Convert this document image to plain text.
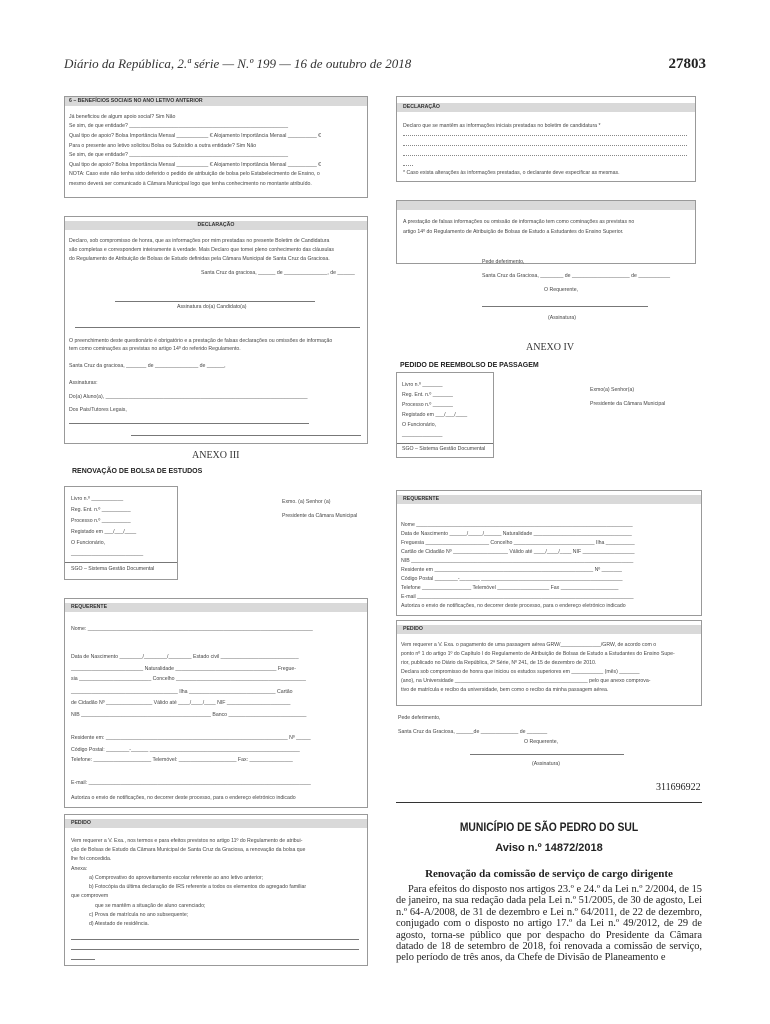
Diário da República, 2.ª série — N.º 199 — 16 de outubro de 2018	27803
6 – BENEFÍCIOS SOCIAIS NO ANO LETIVO ANTERIOR
Já beneficiou de algum apoio social? Sim Não
Se sim, de que entidade? _______________________________________________________
Qual tipo de apoio? Bolsa Importância Mensal ___________ € Alojamento Importância Mensal __________ €
Para o presente ano letivo solicitou Bolsa ou Subsídio a outra entidade? Sim Não
Se sim, de que entidade? _______________________________________________________
Qual tipo de apoio? Bolsa Importância Mensal ___________ € Alojamento Importância Mensal __________ €
NOTA: Caso este não tenha sido deferido o pedido de atribuição de bolsa pelo Estabelecimento de Ensino, o
mesmo deverá ser comunicado à Câmara Municipal logo que tenha conhecimento no montante atribuído.
DECLARAÇÃO
Declaro, sob compromisso de honra, que as informações por mim prestadas no presente Boletim de Candidatura
são completas e correspondem inteiramente à verdade. Mais Declaro que tomei pleno conhecimento das cláusulas
do Regulamento de Atribuição de Bolsas de Estudo definidas pela Câmara Municipal de Santa Cruz da Graciosa.
Santa Cruz da graciosa, ______ de _______________, de ______
Assinatura do(a) Candidato(a)
O preenchimento deste questionário é obrigatório e a prestação de falsas declarações ou omissões de informação
tem como cominações as previstas no artigo 14º do referido Regulamento.
Santa Cruz da graciosa, _______ de _______________ de ______,
Assinaturas:
Do(a) Aluno(a), ______________________________________________________________________
Dos Pais/Tutores Legais,
ANEXO III
RENOVAÇÃO DE BOLSA DE ESTUDOS
Livro n.º ___________
Reg. Ent. n.º __________
Processo n.º __________
Registado em ___/___/____
O Funcionário,
_________________________
SGO – Sistema Gestão Documental
Exmo. (a) Senhor (a)
Presidente da Câmara Municipal
REQUERENTE
Nome: ______________________________________________________________________________
Data de Nascimento ________/________/________ Estado civil ___________________________
_________________________ Naturalidade ___________________________________ Fregue-
sia _________________________ Concelho _____________________________________________
_____________________________________ Ilha ______________________________ Cartão
de Cidadão Nº ________________ Válido até ____/____/____ NIF ______________________
NIB _____________________________________________ Banco ___________________________
Residente em: _______________________________________________________________ Nº _____
Código Postal: ________-______ ____________________________________________________
Telefone: ____________________ Telemóvel: ____________________ Fax: _______________
E-mail: _____________________________________________________________________________
Autoriza o envio de notificações, no decorrer deste processo, para o endereço eletrónico indicado
PEDIDO
Vem requerer a V. Exa., nos termos e para efeitos previstos no artigo 11º do Regulamento de atribui-
ção de Bolsas de Estudo da Câmara Municipal de Santa Cruz da Graciosa, a renovação da bolsa que
lhe foi concedida.
Anexa:
a) Comprovativo do aproveitamento escolar referente ao ano letivo anterior;
b) Fotocópia da última declaração de IRS referente a todos os elementos do agregado familiar
que comprovem
que se mantêm a situação de aluno carenciado;
c) Prova de matrícula no ano subsequente;
d) Atestado de residência.
DECLARAÇÃO
Declaro que se mantêm as informações iniciais prestadas no boletim de candidatura *
* Caso exista alterações às informações prestadas, o declarante deve especificar as mesmas.
A prestação de falsas informações ou omissão de informação tem como cominações as previstas no
artigo 14º do Regulamento de Atribuição de Bolsas de Estudo a Estudantes do Ensino Superior.
Pede deferimento,
Santa Cruz da Graciosa, ________ de ____________________ de ___________
O Requerente,
(Assinatura)
ANEXO IV
PEDIDO DE REEMBOLSO DE PASSAGEM
Livro n.º _______
Reg. Ent. n.º _______
Processo n.º _______
Registado em ___/___/____
O Funcionário,
______________
SGO – Sistema Gestão Documental
Exmo(a) Senhor(a)
Presidente da Câmara Municipal
REQUERENTE
Nome ___________________________________________________________________________
Data de Nascimento ______/_____/______ Naturalidade __________________________________
Freguesia ______________________ Concelho ____________________________ Ilha __________
Cartão de Cidadão Nº ___________________ Válido até ____/____/____ NIF __________________
NIB _____________________________________________________________________________
Residente em _______________________________________________________ Nº _______
Código Postal ________-_______ _________________________________________________
Telefone _________________ Telemóvel __________________ Fax ____________________
E-mail ___________________________________________________________________________
Autoriza o envio de notificações, no decorrer deste processo, para o endereço eletrónico indicado
PEDIDO
Vem requerer a V. Exa. o pagamento de uma passagem aérea GRW/______________/GRW, de acordo com o
ponto nº 1 do artigo 1º do Capítulo I do Regulamento de Atribuição de Bolsas de Estudo a Estudantes do Ensino Supe-
rior, publicado no Diário da República, 2ª Série, Nº 241, de 15 de dezembro de 2010.
Declara sob compromisso de honra que iniciou os estudos superiores em ___________ (mês) _______
(ano), na Universidade ______________________________________________ pelo que anexo comprova-
tivo de matrícula e recibo da universidade, bem como o recibo da minha passagem aérea.
Pede deferimento,
Santa Cruz da Graciosa, ______de _____________ de _______
O Requerente,
(Assinatura)
311696922
MUNICÍPIO DE SÃO PEDRO DO SUL
Aviso n.º 14872/2018
Renovação da comissão de serviço de cargo dirigente
Para efeitos do disposto nos artigos 23.º e 24.º da Lei n.º 2/2004, de 15 de janeiro, na sua redação dada pela Lei n.º 51/2005, de 30 de agosto, Lei n.º 64-A/2008, de 31 de dezembro e Lei n.º 64/2011, de 22 de dezembro, conjugado com o disposto no artigo 17.º da Lei n.º 49/2012, de 29 de agosto, torna-se público que por despacho do Presidente da Câmara datado de 18 de setembro de 2018, foi renovada a comissão de serviço, pelo período de três anos, da Chefe de Divisão de Planeamento e
